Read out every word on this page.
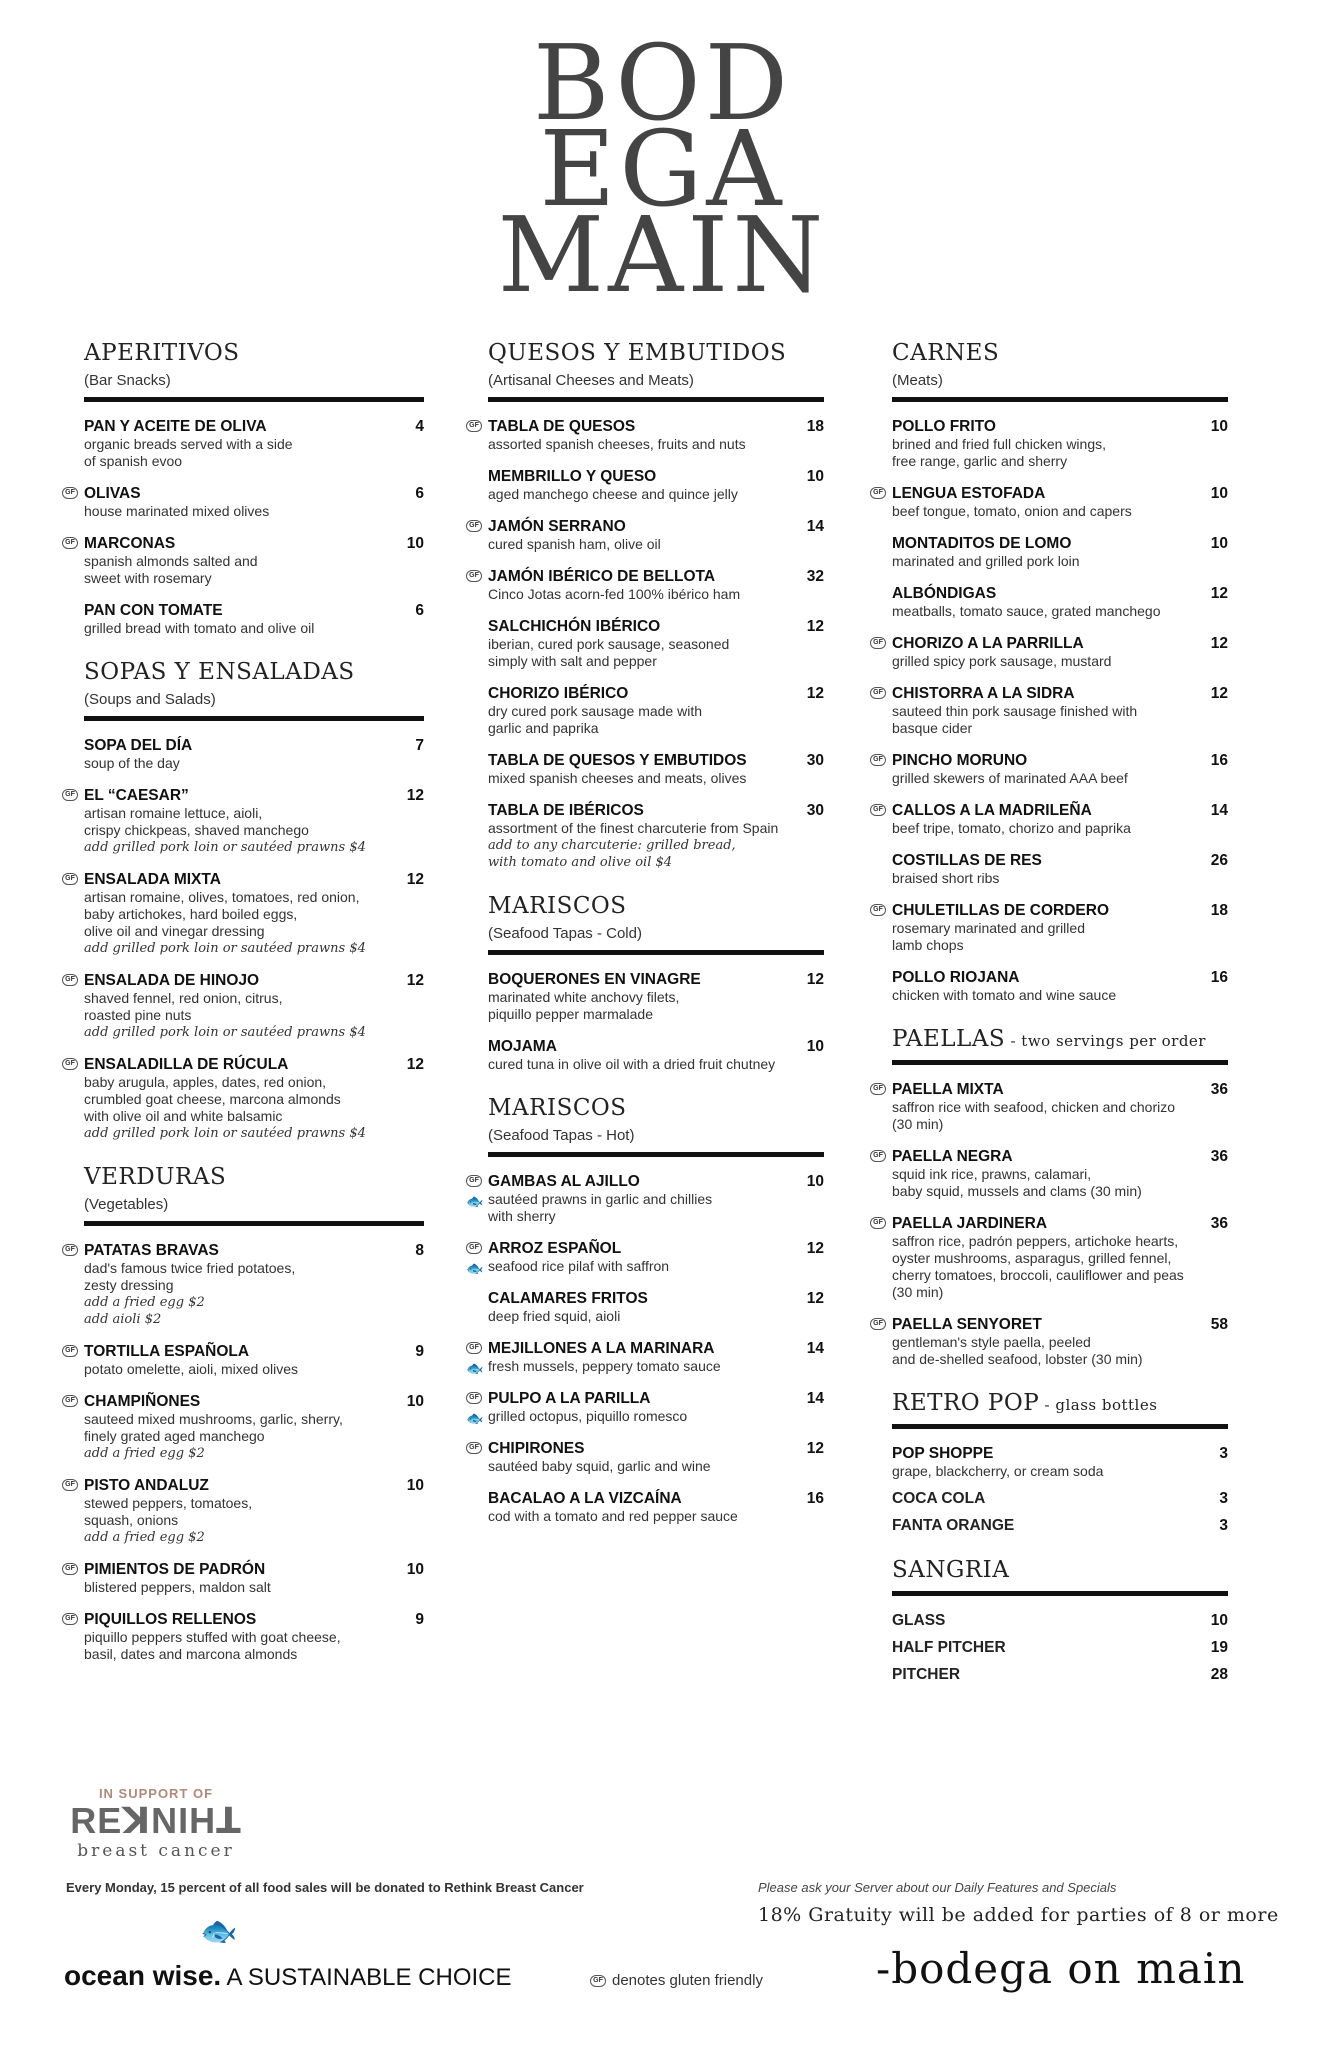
BOD
EGA
MAIN
APERITIVOS
(Bar Snacks)
PAN Y ACEITE DE OLIVA	4
organic breads served with a side
of spanish evoo
GF OLIVAS	6
house marinated mixed olives
GF MARCONAS	10
spanish almonds salted and
sweet with rosemary
PAN CON TOMATE	6
grilled bread with tomato and olive oil
SOPAS Y ENSALADAS
(Soups and Salads)
SOPA DEL DÍA	7
soup of the day
GF EL “CAESAR”	12
artisan romaine lettuce, aioli,
crispy chickpeas, shaved manchego
add grilled pork loin or sautéed prawns $4
GF ENSALADA MIXTA	12
artisan romaine, olives, tomatoes, red onion,
baby artichokes, hard boiled eggs,
olive oil and vinegar dressing
add grilled pork loin or sautéed prawns $4
GF ENSALADA DE HINOJO	12
shaved fennel, red onion, citrus,
roasted pine nuts
add grilled pork loin or sautéed prawns $4
GF ENSALADILLA DE RÚCULA	12
baby arugula, apples, dates, red onion,
crumbled goat cheese, marcona almonds
with olive oil and white balsamic
add grilled pork loin or sautéed prawns $4
VERDURAS
(Vegetables)
GF PATATAS BRAVAS	8
dad's famous twice fried potatoes,
zesty dressing
add a fried egg $2
add aioli $2
GF TORTILLA ESPAÑOLA	9
potato omelette, aioli, mixed olives
GF CHAMPIÑONES	10
sauteed mixed mushrooms, garlic, sherry,
finely grated aged manchego
add a fried egg $2
GF PISTO ANDALUZ	10
stewed peppers, tomatoes,
squash, onions
add a fried egg $2
GF PIMIENTOS DE PADRÓN	10
blistered peppers, maldon salt
GF PIQUILLOS RELLENOS	9
piquillo peppers stuffed with goat cheese,
basil, dates and marcona almonds
QUESOS Y EMBUTIDOS
(Artisanal Cheeses and Meats)
GF TABLA DE QUESOS	18
assorted spanish cheeses, fruits and nuts
MEMBRILLO Y QUESO	10
aged manchego cheese and quince jelly
GF JAMÓN SERRANO	14
cured spanish ham, olive oil
GF JAMÓN IBÉRICO DE BELLOTA	32
Cinco Jotas acorn-fed 100% ibérico ham
SALCHICHÓN IBÉRICO	12
iberian, cured pork sausage, seasoned
simply with salt and pepper
CHORIZO IBÉRICO	12
dry cured pork sausage made with
garlic and paprika
TABLA DE QUESOS Y EMBUTIDOS	30
mixed spanish cheeses and meats, olives
TABLA DE IBÉRICOS	30
assortment of the finest charcuterie from Spain
add to any charcuterie: grilled bread,
with tomato and olive oil $4
MARISCOS
(Seafood Tapas - Cold)
BOQUERONES EN VINAGRE	12
marinated white anchovy filets,
piquillo pepper marmalade
MOJAMA	10
cured tuna in olive oil with a dried fruit chutney
MARISCOS
(Seafood Tapas - Hot)
GF
🐟
GAMBAS AL AJILLO	10
sautéed prawns in garlic and chillies
with sherry
GF
🐟
ARROZ ESPAÑOL	12
seafood rice pilaf with saffron
CALAMARES FRITOS	12
deep fried squid, aioli
GF
🐟
MEJILLONES A LA MARINARA	14
fresh mussels, peppery tomato sauce
GF
🐟
PULPO A LA PARILLA	14
grilled octopus, piquillo romesco
GF CHIPIRONES	12
sautéed baby squid, garlic and wine
BACALAO A LA VIZCAÍNA	16
cod with a tomato and red pepper sauce
CARNES
(Meats)
POLLO FRITO	10
brined and fried full chicken wings,
free range, garlic and sherry
GF LENGUA ESTOFADA	10
beef tongue, tomato, onion and capers
MONTADITOS DE LOMO	10
marinated and grilled pork loin
ALBÓNDIGAS	12
meatballs, tomato sauce, grated manchego
GF CHORIZO A LA PARRILLA	12
grilled spicy pork sausage, mustard
GF CHISTORRA A LA SIDRA	12
sauteed thin pork sausage finished with
basque cider
GF PINCHO MORUNO	16
grilled skewers of marinated AAA beef
GF CALLOS A LA MADRILEÑA	14
beef tripe, tomato, chorizo and paprika
COSTILLAS DE RES	26
braised short ribs
GF CHULETILLAS DE CORDERO	18
rosemary marinated and grilled
lamb chops
POLLO RIOJANA	16
chicken with tomato and wine sauce
PAELLAS - two servings per order
GF PAELLA MIXTA	36
saffron rice with seafood, chicken and chorizo (30 min)
GF PAELLA NEGRA	36
squid ink rice, prawns, calamari,
baby squid, mussels and clams (30 min)
GF PAELLA JARDINERA	36
saffron rice, padrón peppers, artichoke hearts,
oyster mushrooms, asparagus, grilled fennel,
cherry tomatoes, broccoli, cauliflower and peas (30 min)
GF PAELLA SENYORET	58
gentleman's style paella, peeled
and de-shelled seafood, lobster (30 min)
RETRO POP - glass bottles
POP SHOPPE	3
grape, blackcherry, or cream soda
COCA COLA	3
FANTA ORANGE	3
SANGRIA
GLASS	10
HALF PITCHER	19
PITCHER	28
IN SUPPORT OF
REꓘNIHꓕ
breast cancer
Every Monday, 15 percent of all food sales will be donated to Rethink Breast Cancer	Please ask your Server about our Daily Features and Specials
18% Gratuity will be added for parties of 8 or more
🐟
ocean wise. A SUSTAINABLE CHOICE	GF denotes gluten friendly	-bodega on main
